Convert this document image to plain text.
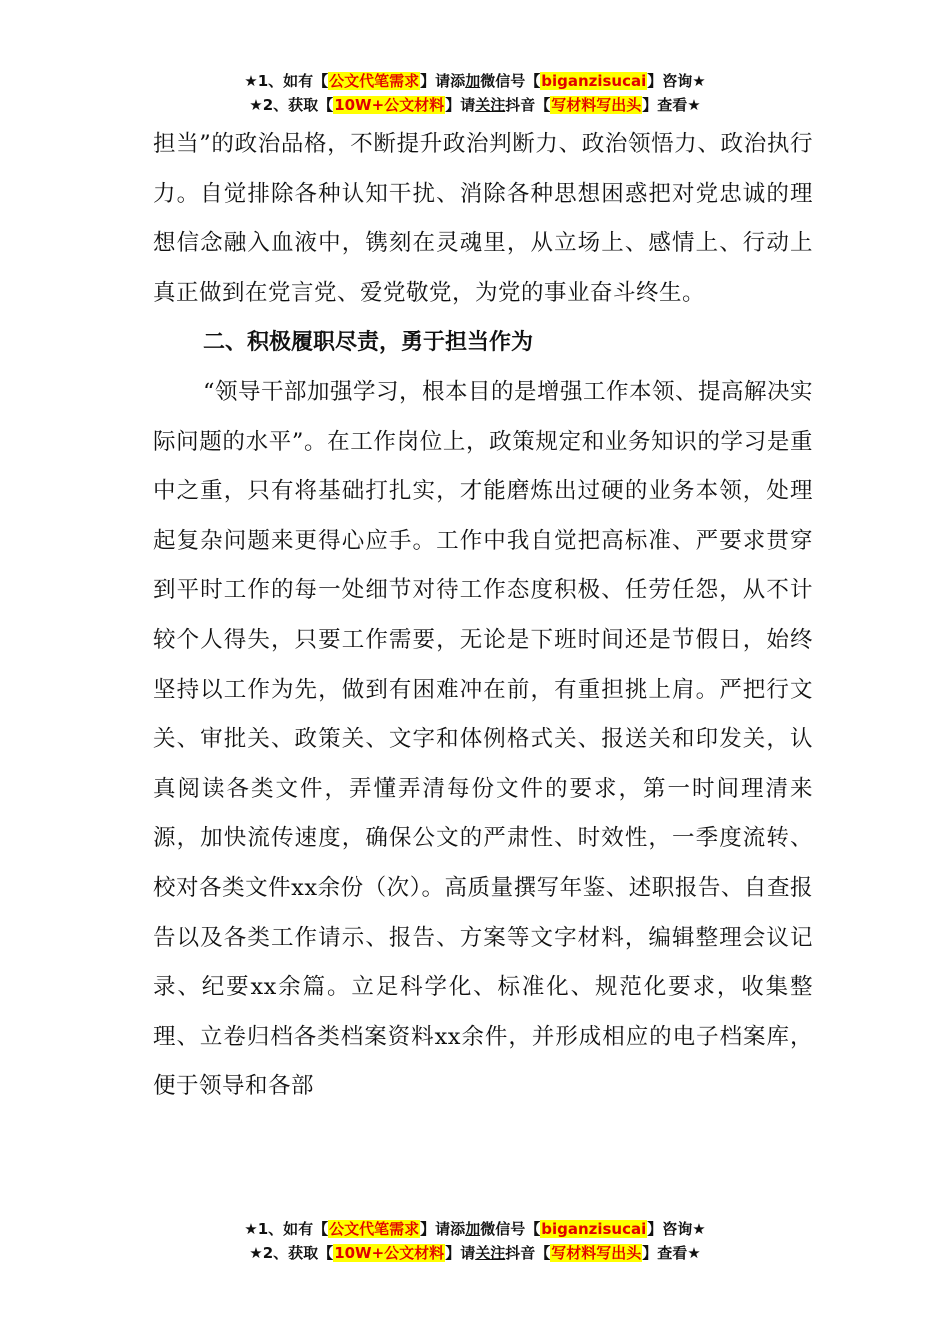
★1、如有【公文代笔需求】请添加微信号【biganzisucai】咨询★
★2、获取【10W+公文材料】请关注抖音【写材料写出头】查看★

担当”的政治品格，不断提升政治判断力、政治领悟力、政治执行力。自觉排除各种认知干扰、消除各种思想困惑把对党忠诚的理想信念融入血液中，镌刻在灵魂里，从立场上、感情上、行动上真正做到在党言党、爱党敬党，为党的事业奋斗终生。

二、积极履职尽责，勇于担当作为

“领导干部加强学习，根本目的是增强工作本领、提高解决实际问题的水平”。在工作岗位上，政策规定和业务知识的学习是重中之重，只有将基础打扎实，才能磨炼出过硬的业务本领，处理起复杂问题来更得心应手。工作中我自觉把高标准、严要求贯穿到平时工作的每一处细节对待工作态度积极、任劳任怨，从不计较个人得失，只要工作需要，无论是下班时间还是节假日，始终坚持以工作为先，做到有困难冲在前，有重担挑上肩。严把行文关、审批关、政策关、文字和体例格式关、报送关和印发关，认真阅读各类文件，弄懂弄清每份文件的要求，第一时间理清来源，加快流传速度，确保公文的严肃性、时效性，一季度流转、校对各类文件xx余份（次）。高质量撰写年鉴、述职报告、自查报告以及各类工作请示、报告、方案等文字材料，编辑整理会议记录、纪要xx余篇。立足科学化、标准化、规范化要求，收集整理、立卷归档各类档案资料xx余件，并形成相应的电子档案库，便于领导和各部

★1、如有【公文代笔需求】请添加微信号【biganzisucai】咨询★
★2、获取【10W+公文材料】请关注抖音【写材料写出头】查看★
